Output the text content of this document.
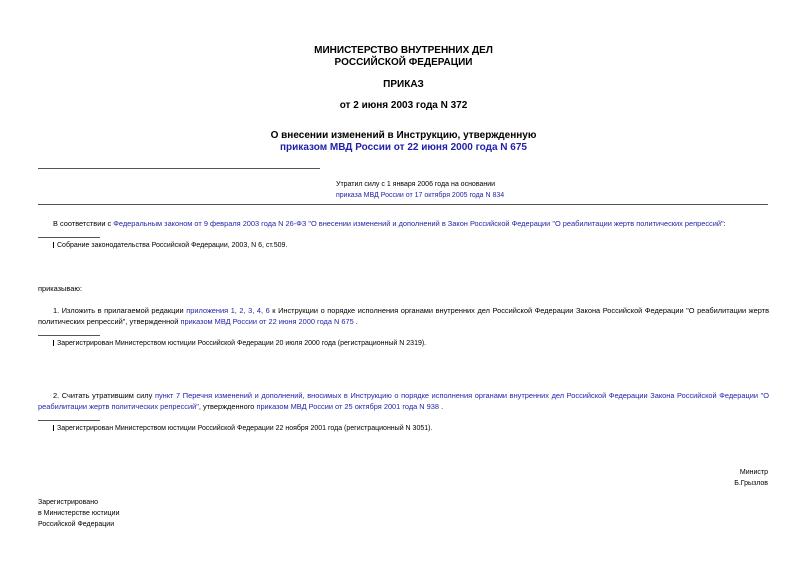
МИНИСТЕРСТВО ВНУТРЕННИХ ДЕЛ
РОССИЙСКОЙ ФЕДЕРАЦИИ
ПРИКАЗ
от 2 июня 2003 года N 372
О внесении изменений в Инструкцию, утвержденную
приказом МВД России от 22 июня 2000 года N 675
Утратил силу с 1 января 2006 года на основании
приказа МВД России от 17 октября 2005 года N 834
В соответствии с Федеральным законом от 9 февраля 2003 года N 26-ФЗ "О внесении изменений и дополнений в Закон Российской Федерации "О реабилитации жертв политических репрессий":
Собрание законодательства Российской Федерации, 2003, N 6, ст.509.
приказываю:
1. Изложить в прилагаемой редакции приложения 1, 2, 3, 4, 6 к Инструкции о порядке исполнения органами внутренних дел Российской Федерации Закона Российской Федерации "О реабилитации жертв политических репрессий", утвержденной приказом МВД России от 22 июня 2000 года N 675 .
Зарегистрирован Министерством юстиции Российской Федерации 20 июля 2000 года (регистрационный N 2319).
2. Считать утратившим силу пункт 7 Перечня изменений и дополнений, вносимых в Инструкцию о порядке исполнения органами внутренних дел Российской Федерации Закона Российской Федерации "О реабилитации жертв политических репрессий", утвержденного приказом МВД России от 25 октября 2001 года N 938 .
Зарегистрирован Министерством юстиции Российской Федерации 22 ноября 2001 года (регистрационный N 3051).
Министр
Б.Грызлов
Зарегистрировано
в Министерстве юстиции
Российской Федерации
